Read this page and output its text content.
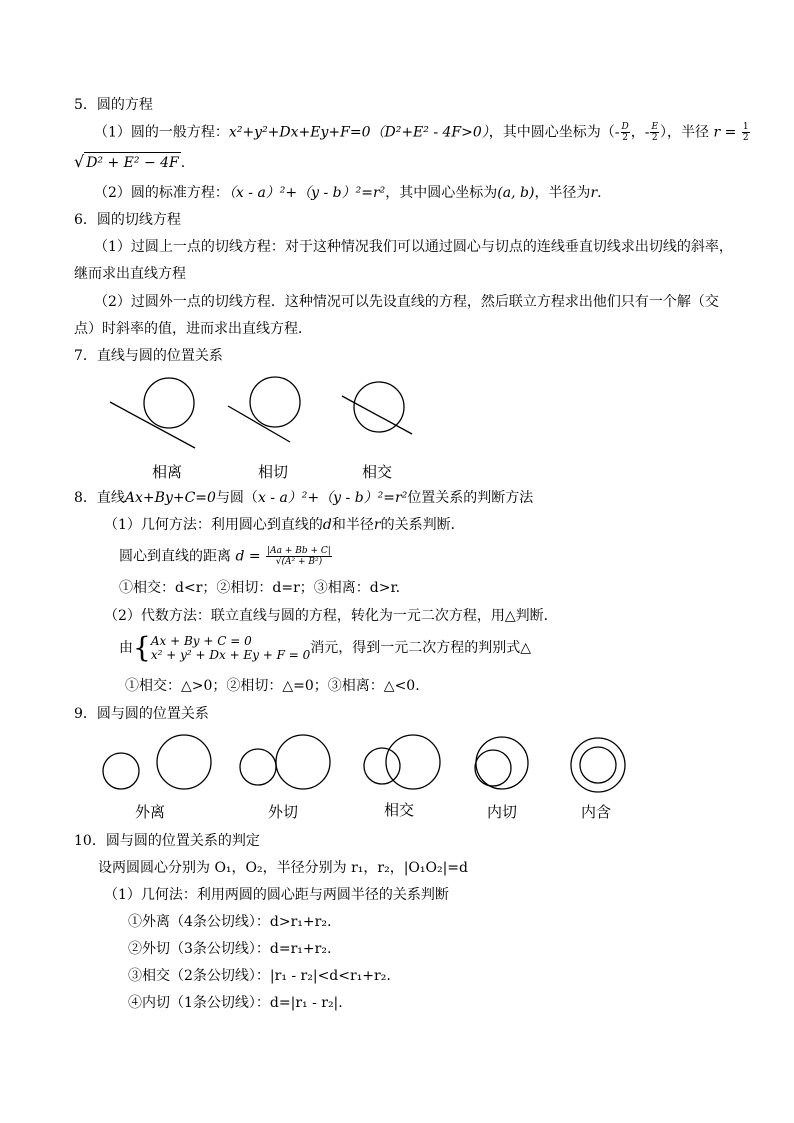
5．圆的方程
（1）圆的一般方程：x²+y²+Dx+Ey+F=0（D²+E² - 4F>0），其中圆心坐标为（- $\frac{D}{2}$ ，- $\frac{E}{2}$ ），半径 $r = \frac{1}{2}$
√ D² + E² − 4F .
（2）圆的标准方程：（x - a）²+（y - b）²=r²，其中圆心坐标为(a, b)，半径为r.
6．圆的切线方程
（1）过圆上一点的切线方程：对于这种情况我们可以通过圆心与切点的连线垂直切线求出切线的斜率，
继而求出直线方程
（2）过圆外一点的切线方程．这种情况可以先设直线的方程，然后联立方程求出他们只有一个解（交
点）时斜率的值，进而求出直线方程．
7．直线与圆的位置关系
相离	相切	相交
8．直线Ax+By+C=0与圆（x - a）²+（y - b）²=r²位置关系的判断方法
（1）几何方法：利用圆心到直线的d和半径r的关系判断．
圆心到直线的距离 $d = \frac{|Aa + Bb + C|}{\text{√(A² + B²)}}$
①相交：d<r；②相切：d=r；③相离：d>r.
（2）代数方法：联立直线与圆的方程，转化为一元二次方程，用△判断．
由{ Ax + By + C = 0
x² + y² + Dx + Ey + F = 0 消元，得到一元二次方程的判别式△
①相交：△>0；②相切：△=0；③相离：△<0.
9．圆与圆的位置关系
外离	外切	相交	内切	内含
10．圆与圆的位置关系的判定
设两圆圆心分别为 O₁，O₂，半径分别为 r₁，r₂，|O₁O₂|=d
（1）几何法：利用两圆的圆心距与两圆半径的关系判断
①外离（4条公切线）：d>r₁+r₂.
②外切（3条公切线）：d=r₁+r₂.
③相交（2条公切线）：|r₁ - r₂|<d<r₁+r₂.
④内切（1条公切线）：d=|r₁ - r₂|.
